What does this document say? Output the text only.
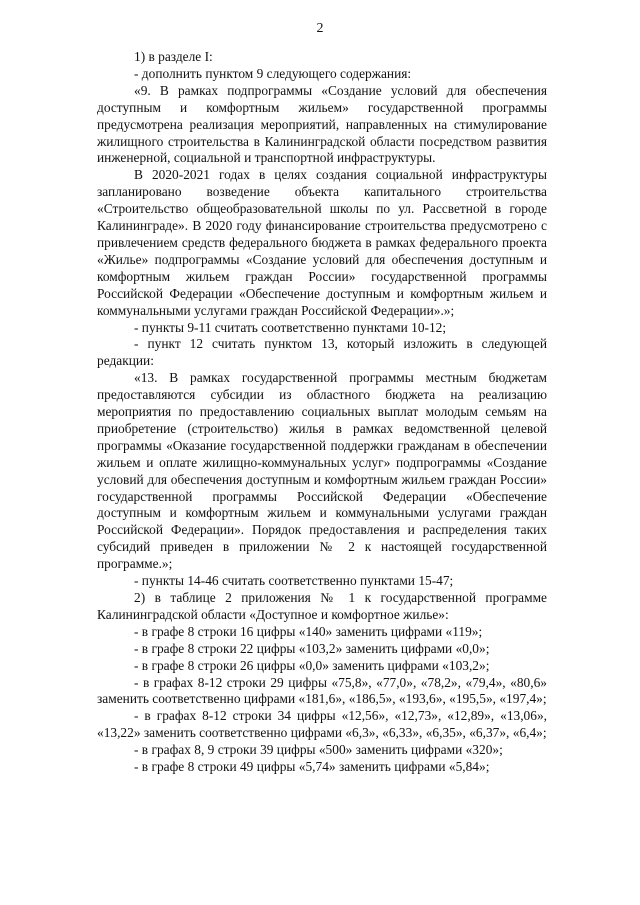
2

1) в разделе I:

- дополнить пунктом 9 следующего содержания:

«9. В рамках подпрограммы «Создание условий для обеспечения доступным и комфортным жильем» государственной программы предусмотрена реализация мероприятий, направленных на стимулирование жилищного строительства в Калининградской области посредством развития инженерной, социальной и транспортной инфраструктуры.

В 2020-2021 годах в целях создания социальной инфраструктуры запланировано возведение объекта капитального строительства «Строительство общеобразовательной школы по ул. Рассветной в городе Калининграде». В 2020 году финансирование строительства предусмотрено с привлечением средств федерального бюджета в рамках федерального проекта «Жилье» подпрограммы «Создание условий для обеспечения доступным и комфортным жильем граждан России» государственной программы Российской Федерации «Обеспечение доступным и комфортным жильем и коммунальными услугами граждан Российской Федерации».»;

- пункты 9-11 считать соответственно пунктами 10-12;

- пункт 12 считать пунктом 13, который изложить в следующей редакции:

«13. В рамках государственной программы местным бюджетам предоставляются субсидии из областного бюджета на реализацию мероприятия по предоставлению социальных выплат молодым семьям на приобретение (строительство) жилья в рамках ведомственной целевой программы «Оказание государственной поддержки гражданам в обеспечении жильем и оплате жилищно-коммунальных услуг» подпрограммы «Создание условий для обеспечения доступным и комфортным жильем граждан России» государственной программы Российской Федерации «Обеспечение доступным и комфортным жильем и коммунальными услугами граждан Российской Федерации». Порядок предоставления и распределения таких субсидий приведен в приложении № 2 к настоящей государственной программе.»;

- пункты 14-46 считать соответственно пунктами 15-47;

2) в таблице 2 приложения № 1 к государственной программе Калининградской области «Доступное и комфортное жилье»:

- в графе 8 строки 16 цифры «140» заменить цифрами «119»;

- в графе 8 строки 22 цифры «103,2» заменить цифрами «0,0»;

- в графе 8 строки 26 цифры «0,0» заменить цифрами «103,2»;

- в графах 8-12 строки 29 цифры «75,8», «77,0», «78,2», «79,4», «80,6» заменить соответственно цифрами «181,6», «186,5», «193,6», «195,5», «197,4»;

- в графах 8-12 строки 34 цифры «12,56», «12,73», «12,89», «13,06», «13,22» заменить соответственно цифрами «6,3», «6,33», «6,35», «6,37», «6,4»;

- в графах 8, 9 строки 39 цифры «500» заменить цифрами «320»;

- в графе 8 строки 49 цифры «5,74» заменить цифрами «5,84»;
